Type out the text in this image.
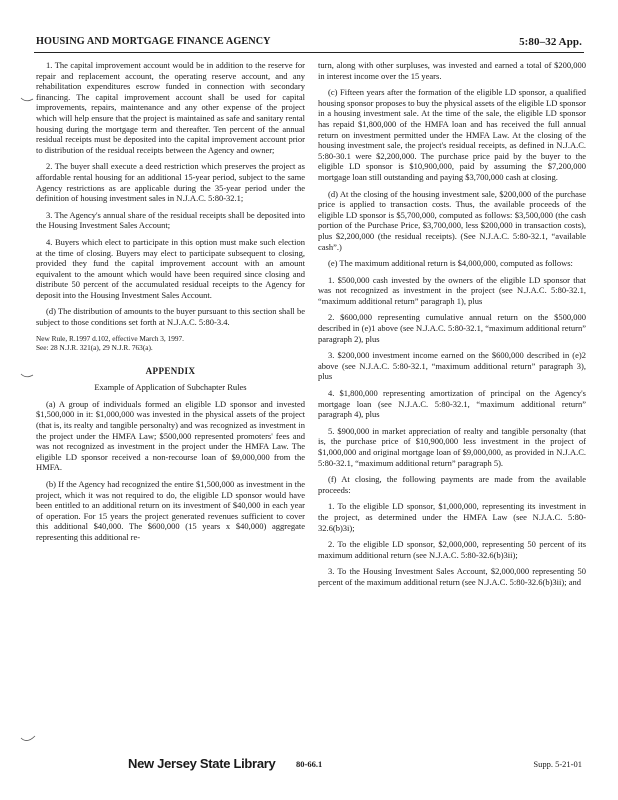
HOUSING AND MORTGAGE FINANCE AGENCY	5:80–32 App.

1. The capital improvement account would be in addition to the reserve for repair and replacement account, the operating reserve account, and any rehabilitation expenditures escrow funded in connection with secondary financing. The capital improvement account shall be used for capital improvements, repairs, maintenance and any other expense of the project which will help ensure that the project is maintained as safe and sanitary rental housing during the mortgage term and thereafter. Ten percent of the annual residual receipts must be deposited into the capital improvement account prior to distribution of the residual receipts between the Agency and owner;

2. The buyer shall execute a deed restriction which preserves the project as affordable rental housing for an additional 15-year period, subject to the same Agency restrictions as are applicable during the 35-year period under the definition of housing investment sales in N.J.A.C. 5:80-32.1;

3. The Agency's annual share of the residual receipts shall be deposited into the Housing Investment Sales Account;

4. Buyers which elect to participate in this option must make such election at the time of closing. Buyers may elect to participate subsequent to closing, provided they fund the capital improvement account with an amount equivalent to the amount which would have been required since closing and distribute 50 percent of the accumulated residual receipts to the Agency for deposit into the Housing Investment Sales Account.

(d) The distribution of amounts to the buyer pursuant to this section shall be subject to those conditions set forth at N.J.A.C. 5:80-3.4.

New Rule, R.1997 d.102, effective March 3, 1997.
See: 28 N.J.R. 321(a), 29 N.J.R. 763(a).
APPENDIX
Example of Application of Subchapter Rules

(a) A group of individuals formed an eligible LD sponsor and invested $1,500,000 in it: $1,000,000 was invested in the physical assets of the project (that is, its realty and tangible personalty) and was recognized as investment in the project under the HMFA Law; $500,000 represented promoters' fees and was not recognized as investment in the project under the HMFA Law. The eligible LD sponsor received a non-recourse loan of $9,000,000 from the HMFA.

(b) If the Agency had recognized the entire $1,500,000 as investment in the project, which it was not required to do, the eligible LD sponsor would have been entitled to an additional return on its investment of $40,000 in each year of operation. For 15 years the project generated revenues sufficient to cover this additional $40,000. The $600,000 (15 years x $40,000) aggregate representing this additional re-

turn, along with other surpluses, was invested and earned a total of $200,000 in interest income over the 15 years.

(c) Fifteen years after the formation of the eligible LD sponsor, a qualified housing sponsor proposes to buy the physical assets of the eligible LD sponsor in a housing investment sale. At the time of the sale, the eligible LD sponsor has repaid $1,800,000 of the HMFA loan and has received the full annual return on investment permitted under the HMFA Law. At the closing of the housing investment sale, the project's residual receipts, as defined in N.J.A.C. 5:80-30.1 were $2,200,000. The purchase price paid by the buyer to the eligible LD sponsor is $10,900,000, paid by assuming the $7,200,000 mortgage loan still outstanding and paying $3,700,000 cash at closing.

(d) At the closing of the housing investment sale, $200,000 of the purchase price is applied to transaction costs. Thus, the available proceeds of the eligible LD sponsor is $5,700,000, computed as follows: $3,500,000 (the cash portion of the Purchase Price, $3,700,000, less $200,000 in transaction costs), plus $2,200,000 (the residual receipts). (See N.J.A.C. 5:80-32.1, “available cash”.)

(e) The maximum additional return is $4,000,000, computed as follows:

1. $500,000 cash invested by the owners of the eligible LD sponsor that was not recognized as investment in the project (see N.J.A.C. 5:80-32.1, “maximum additional return” paragraph 1), plus

2. $600,000 representing cumulative annual return on the $500,000 described in (e)1 above (see N.J.A.C. 5:80-32.1, “maximum additional return” paragraph 2), plus

3. $200,000 investment income earned on the $600,000 described in (e)2 above (see N.J.A.C. 5:80-32.1, “maximum additional return” paragraph 3), plus

4. $1,800,000 representing amortization of principal on the Agency's mortgage loan (see N.J.A.C. 5:80-32.1, “maximum additional return” paragraph 4), plus

5. $900,000 in market appreciation of realty and tangible personalty (that is, the purchase price of $10,900,000 less investment in the project of $1,000,000 and original mortgage loan of $9,000,000, as provided in N.J.A.C. 5:80-32.1, “maximum additional return” paragraph 5).

(f) At closing, the following payments are made from the available proceeds:

1. To the eligible LD sponsor, $1,000,000, representing its investment in the project, as determined under the HMFA Law (see N.J.A.C. 5:80-32.6(b)3i);

2. To the eligible LD sponsor, $2,000,000, representing 50 percent of its maximum additional return (see N.J.A.C. 5:80-32.6(b)3ii);

3. To the Housing Investment Sales Account, $2,000,000 representing 50 percent of the maximum additional return (see N.J.A.C. 5:80-32.6(b)3ii); and

New Jersey State Library 80-66.1	Supp. 5-21-01
